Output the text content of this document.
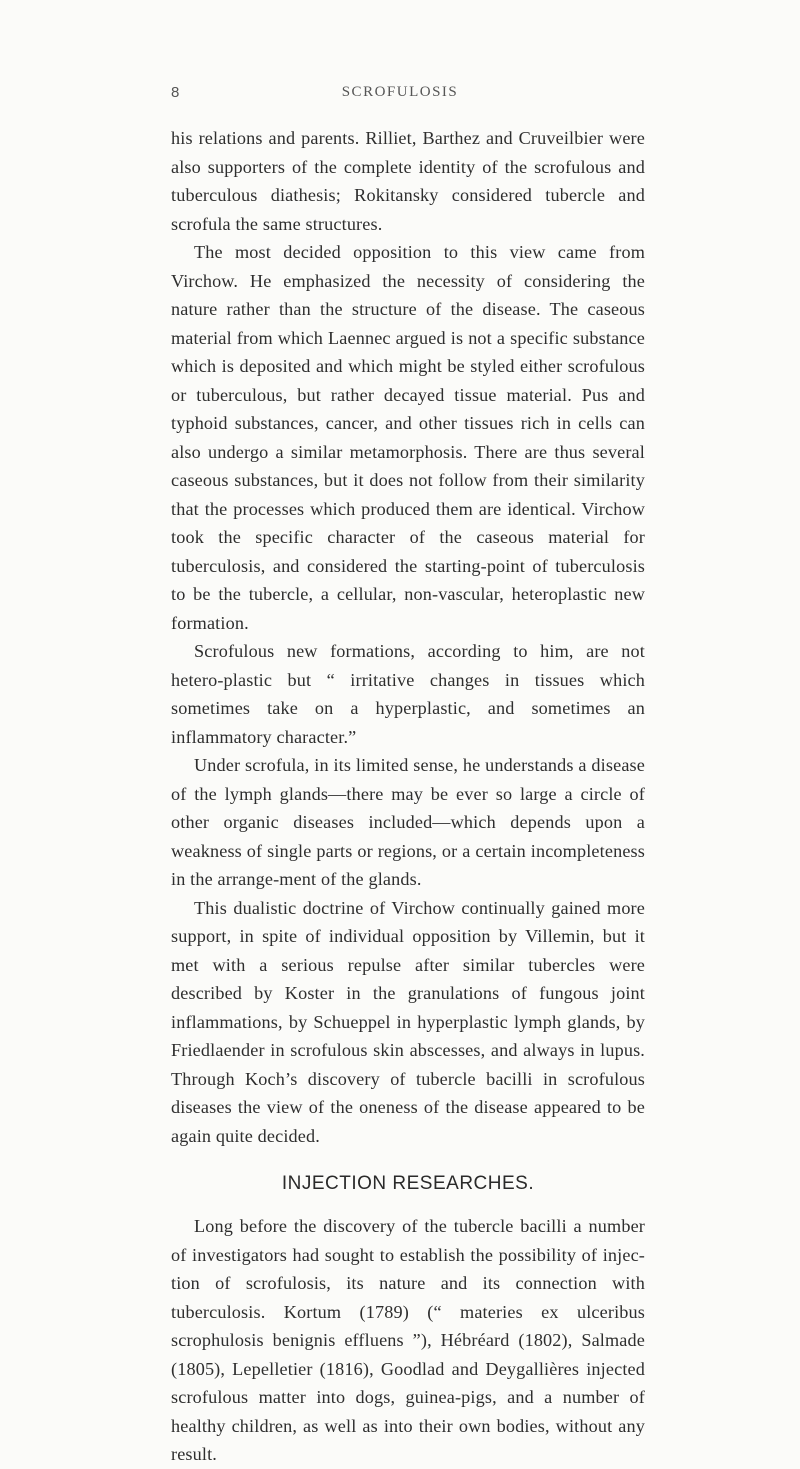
8	SCROFULOSIS

his relations and parents. Rilliet, Barthez and Cruveilbier were also supporters of the complete identity of the scrofulous and tuberculous diathesis; Rokitansky considered tubercle and scrofula the same structures.

The most decided opposition to this view came from Virchow. He emphasized the necessity of considering the nature rather than the structure of the disease. The caseous material from which Laennec argued is not a specific substance which is deposited and which might be styled either scrofulous or tuberculous, but rather decayed tissue material. Pus and typhoid substances, cancer, and other tissues rich in cells can also undergo a similar metamorphosis. There are thus several caseous substances, but it does not follow from their similarity that the processes which produced them are identical. Virchow took the specific character of the caseous material for tuberculosis, and considered the starting-point of tuberculosis to be the tubercle, a cellular, non-vascular, heteroplastic new formation.

Scrofulous new formations, according to him, are not hetero-plastic but “ irritative changes in tissues which sometimes take on a hyperplastic, and sometimes an inflammatory character.”

Under scrofula, in its limited sense, he understands a disease of the lymph glands—there may be ever so large a circle of other organic diseases included—which depends upon a weakness of single parts or regions, or a certain incompleteness in the arrange-ment of the glands.

This dualistic doctrine of Virchow continually gained more support, in spite of individual opposition by Villemin, but it met with a serious repulse after similar tubercles were described by Koster in the granulations of fungous joint inflammations, by Schueppel in hyperplastic lymph glands, by Friedlaender in scrofulous skin abscesses, and always in lupus. Through Koch’s discovery of tubercle bacilli in scrofulous diseases the view of the oneness of the disease appeared to be again quite decided.

INJECTION RESEARCHES.

Long before the discovery of the tubercle bacilli a number of investigators had sought to establish the possibility of injec-tion of scrofulosis, its nature and its connection with tuberculosis. Kortum (1789) (“ materies ex ulceribus scrophulosis benignis effluens ”), Hébréard (1802), Salmade (1805), Lepelletier (1816), Goodlad and Deygallières injected scrofulous matter into dogs, guinea-pigs, and a number of healthy children, as well as into their own bodies, without any result.
